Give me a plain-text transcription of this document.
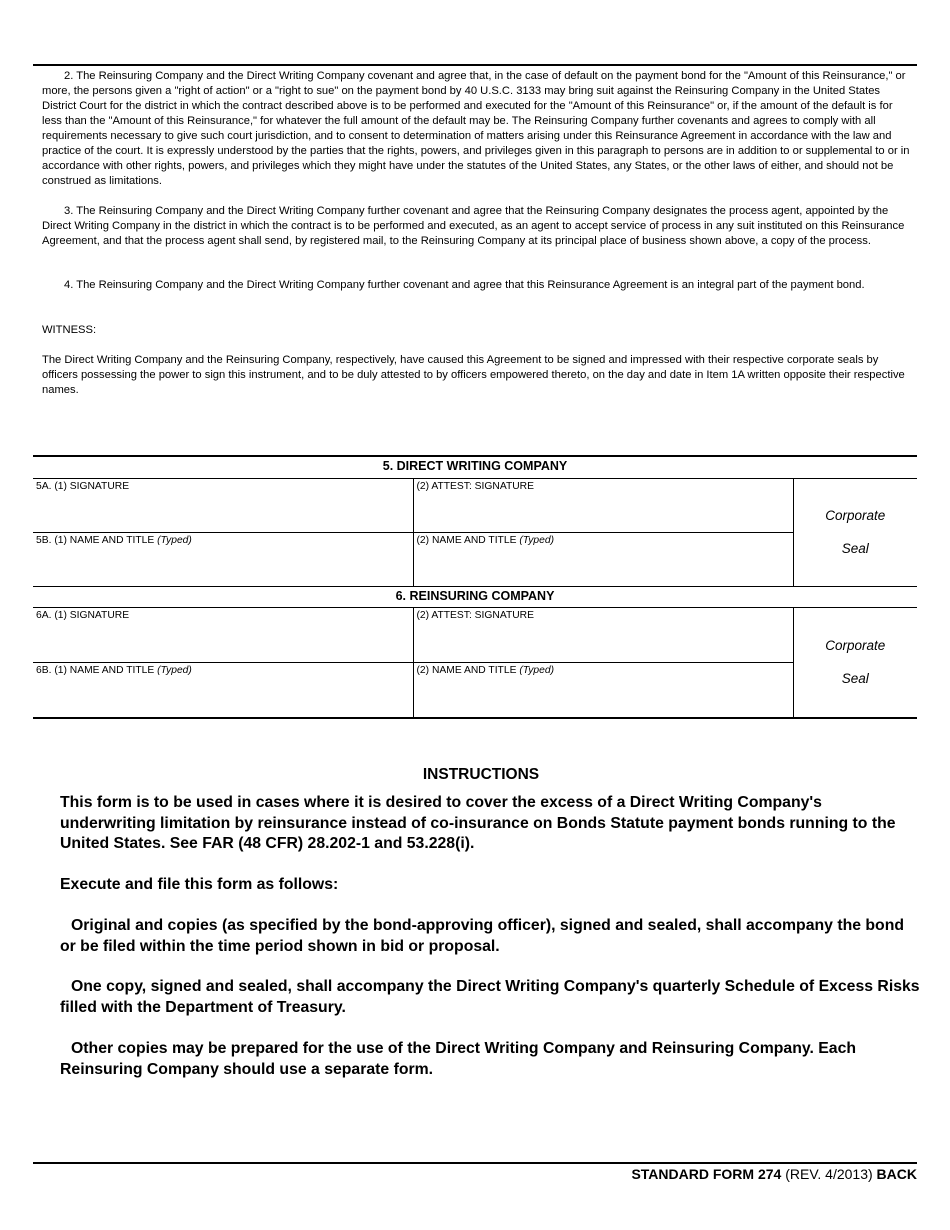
2. The Reinsuring Company and the Direct Writing Company covenant and agree that, in the case of default on the payment bond for the "Amount of this Reinsurance," or more, the persons given a "right of action" or a "right to sue" on the payment bond by 40 U.S.C. 3133 may bring suit against the Reinsuring Company in the United States District Court for the district in which the contract described above is to be performed and executed for the "Amount of this Reinsurance" or, if the amount of the default is for less than the "Amount of this Reinsurance," for whatever the full amount of the default may be. The Reinsuring Company further covenants and agrees to comply with all requirements necessary to give such court jurisdiction, and to consent to determination of matters arising under this Reinsurance Agreement in accordance with the law and practice of the court. It is expressly understood by the parties that the rights, powers, and privileges given in this paragraph to persons are in addition to or supplemental to or in accordance with other rights, powers, and privileges which they might have under the statutes of the United States, any States, or the other laws of either, and should not be construed as limitations.

3. The Reinsuring Company and the Direct Writing Company further covenant and agree that the Reinsuring Company designates the process agent, appointed by the Direct Writing Company in the district in which the contract is to be performed and executed, as an agent to accept service of process in any suit instituted on this Reinsurance Agreement, and that the process agent shall send, by registered mail, to the Reinsuring Company at its principal place of business shown above, a copy of the process.

4. The Reinsuring Company and the Direct Writing Company further covenant and agree that this Reinsurance Agreement is an integral part of the payment bond.

WITNESS:

The Direct Writing Company and the Reinsuring Company, respectively, have caused this Agreement to be signed and impressed with their respective corporate seals by officers possessing the power to sign this instrument, and to be duly attested to by officers empowered thereto, on the day and date in Item 1A written opposite their respective names.

5. DIRECT WRITING COMPANY		
5A. (1) SIGNATURE	(2) ATTEST: SIGNATURE	Corporate
Seal
5B. (1) NAME AND TITLE (Typed)	(2) NAME AND TITLE (Typed)	
6. REINSURING COMPANY		
6A. (1) SIGNATURE	(2) ATTEST: SIGNATURE	Corporate
Seal
6B. (1) NAME AND TITLE (Typed)	(2) NAME AND TITLE (Typed)	
INSTRUCTIONS

This form is to be used in cases where it is desired to cover the excess of a Direct Writing Company's underwriting limitation by reinsurance instead of co-insurance on Bonds Statute payment bonds running to the United States. See FAR (48 CFR) 28.202-1 and 53.228(i).

Execute and file this form as follows:

Original and copies (as specified by the bond-approving officer), signed and sealed, shall accompany the bond or be filed within the time period shown in bid or proposal.

One copy, signed and sealed, shall accompany the Direct Writing Company's quarterly Schedule of Excess Risks filled with the Department of Treasury.

Other copies may be prepared for the use of the Direct Writing Company and Reinsuring Company. Each Reinsuring Company should use a separate form.

STANDARD FORM 274 (REV. 4/2013) BACK
